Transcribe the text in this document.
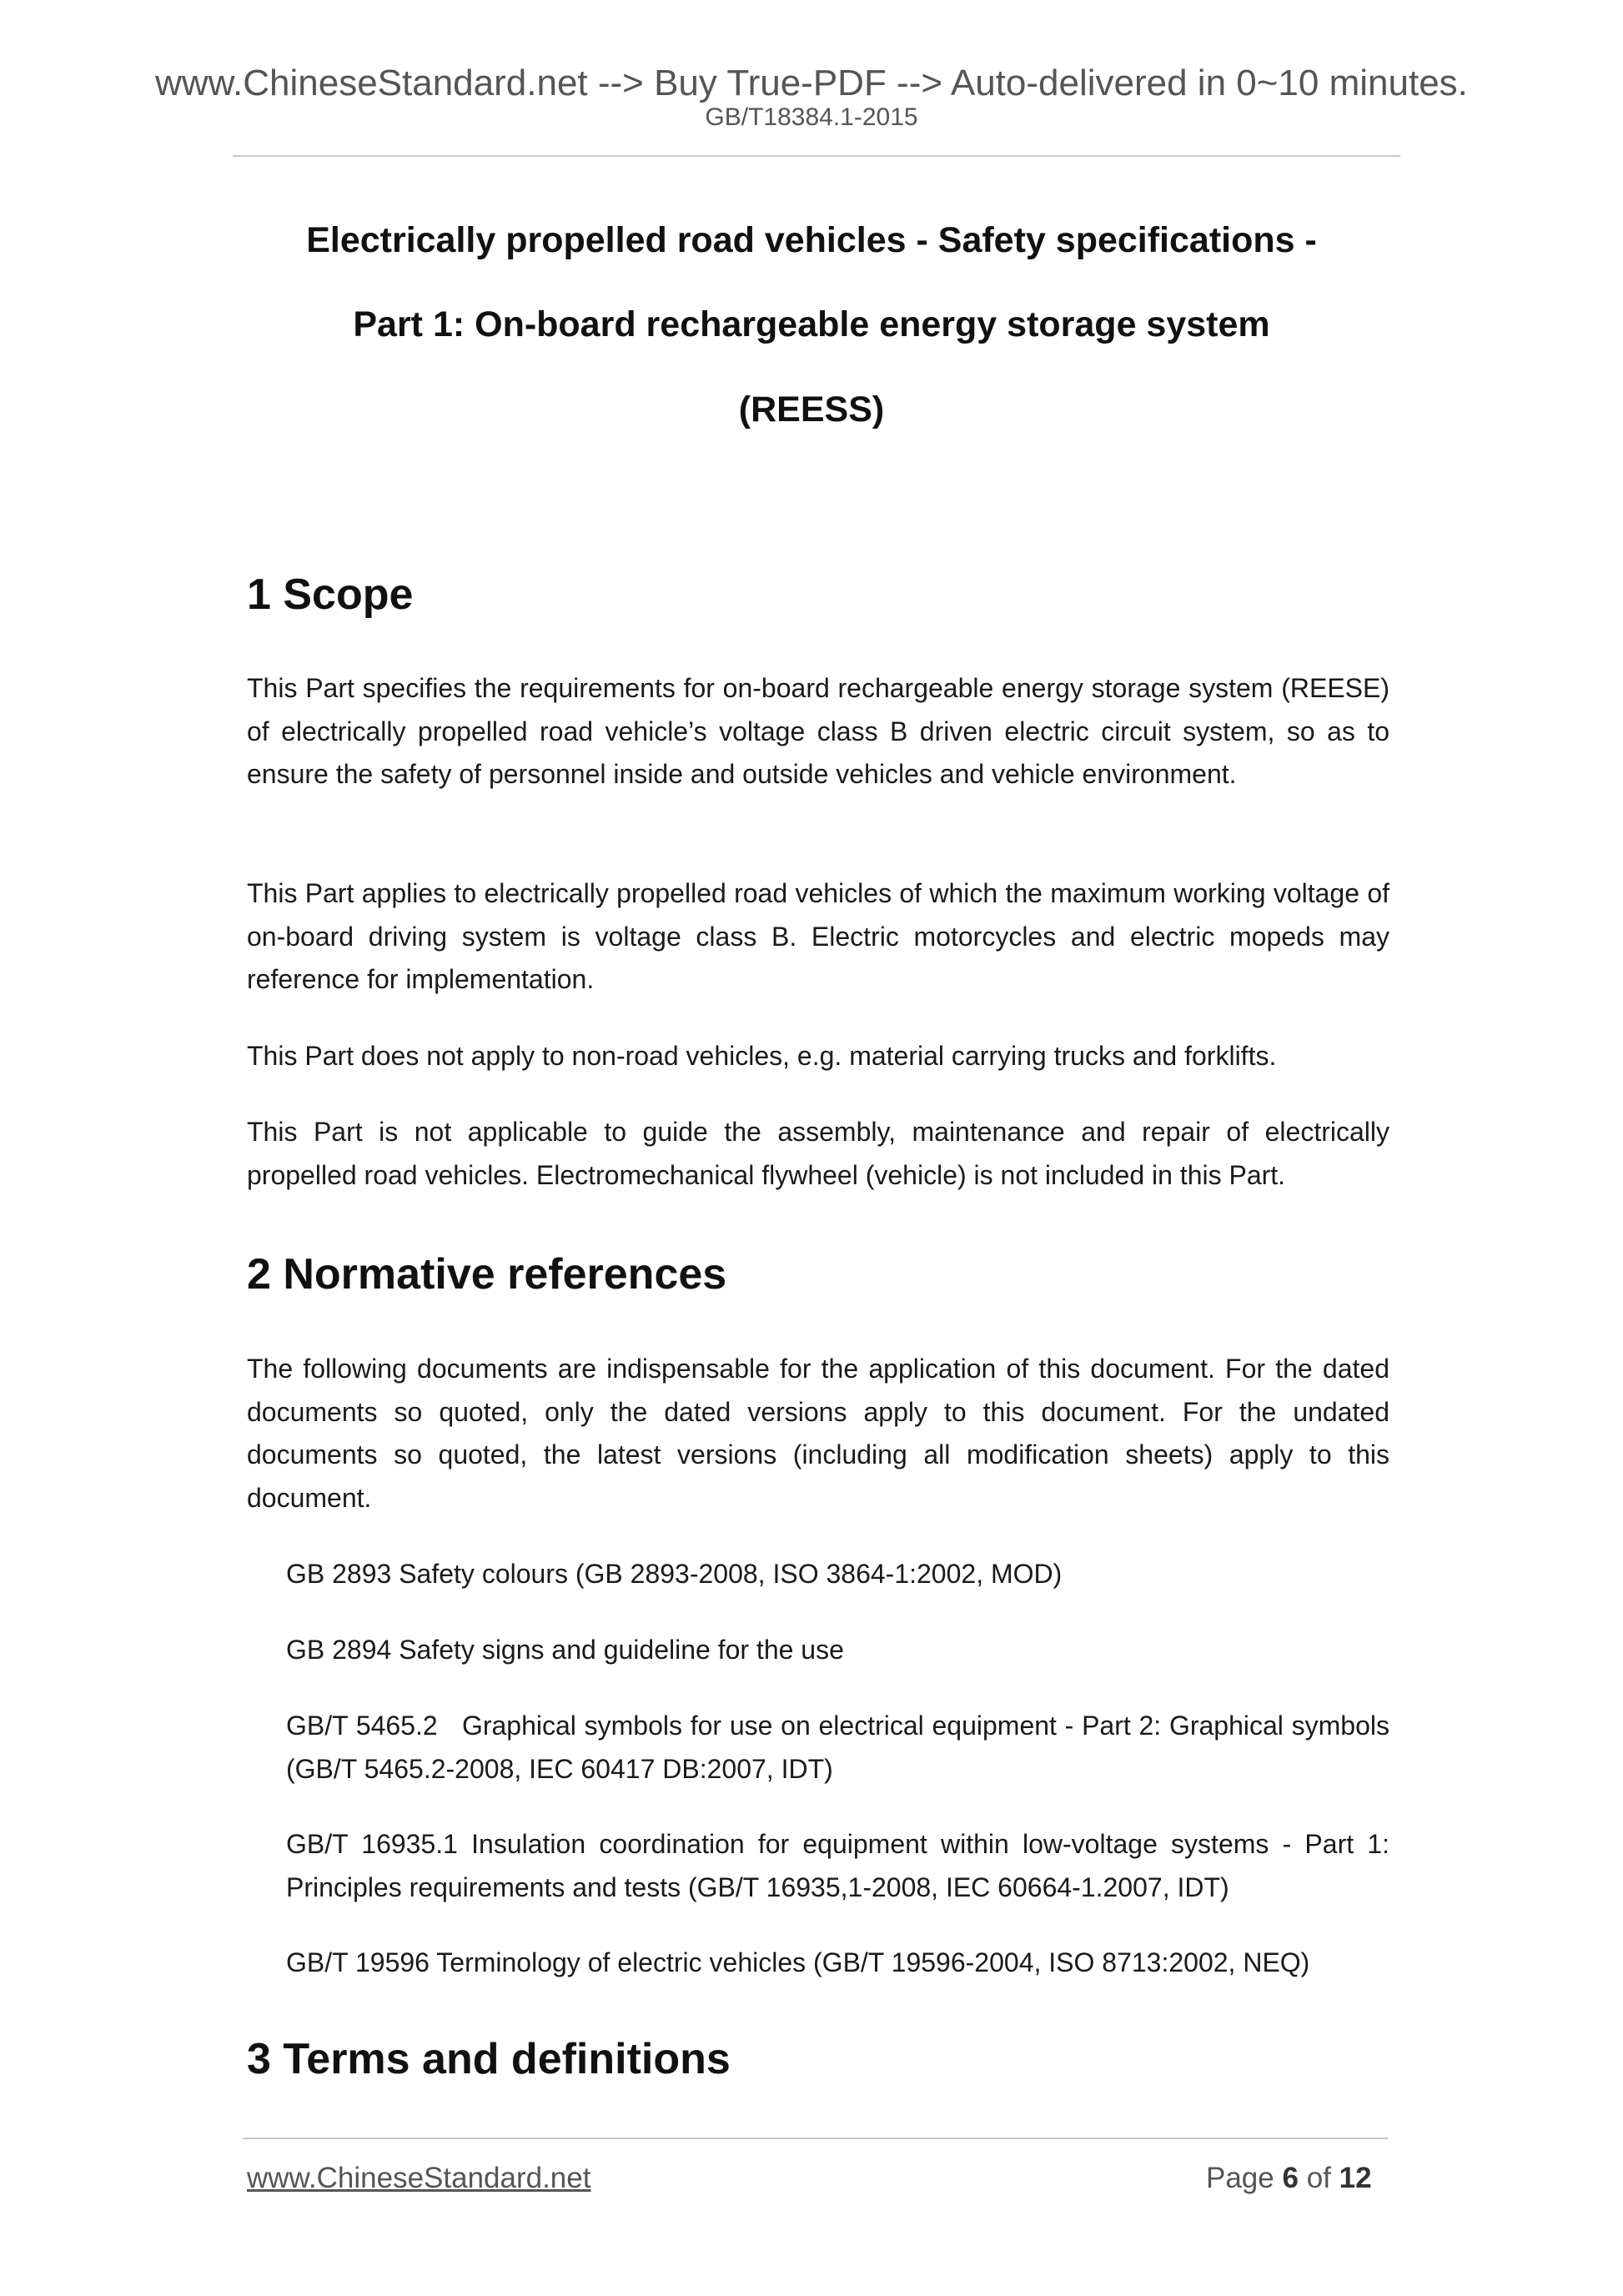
www.ChineseStandard.net --> Buy True-PDF --> Auto-delivered in 0~10 minutes.
GB/T18384.1-2015
Electrically propelled road vehicles - Safety specifications -
Part 1: On-board rechargeable energy storage system
(REESS)
1 Scope
This Part specifies the requirements for on-board rechargeable energy storage system (REESE) of electrically propelled road vehicle’s voltage class B driven electric circuit system, so as to ensure the safety of personnel inside and outside vehicles and vehicle environment.
This Part applies to electrically propelled road vehicles of which the maximum working voltage of on-board driving system is voltage class B. Electric motorcycles and electric mopeds may reference for implementation.
This Part does not apply to non-road vehicles, e.g. material carrying trucks and forklifts.
This Part is not applicable to guide the assembly, maintenance and repair of electrically propelled road vehicles. Electromechanical flywheel (vehicle) is not included in this Part.
2 Normative references
The following documents are indispensable for the application of this document. For the dated documents so quoted, only the dated versions apply to this document. For the undated documents so quoted, the latest versions (including all modification sheets) apply to this document.
GB 2893 Safety colours (GB 2893-2008, ISO 3864-1:2002, MOD)
GB 2894 Safety signs and guideline for the use
GB/T 5465.2   Graphical symbols for use on electrical equipment - Part 2: Graphical symbols (GB/T 5465.2-2008, IEC 60417 DB:2007, IDT)
GB/T 16935.1 Insulation coordination for equipment within low-voltage systems - Part 1: Principles requirements and tests (GB/T 16935,1-2008, IEC 60664-1.2007, IDT)
GB/T 19596 Terminology of electric vehicles (GB/T 19596-2004, ISO 8713:2002, NEQ)
3 Terms and definitions
www.ChineseStandard.net	Page 6 of 12
